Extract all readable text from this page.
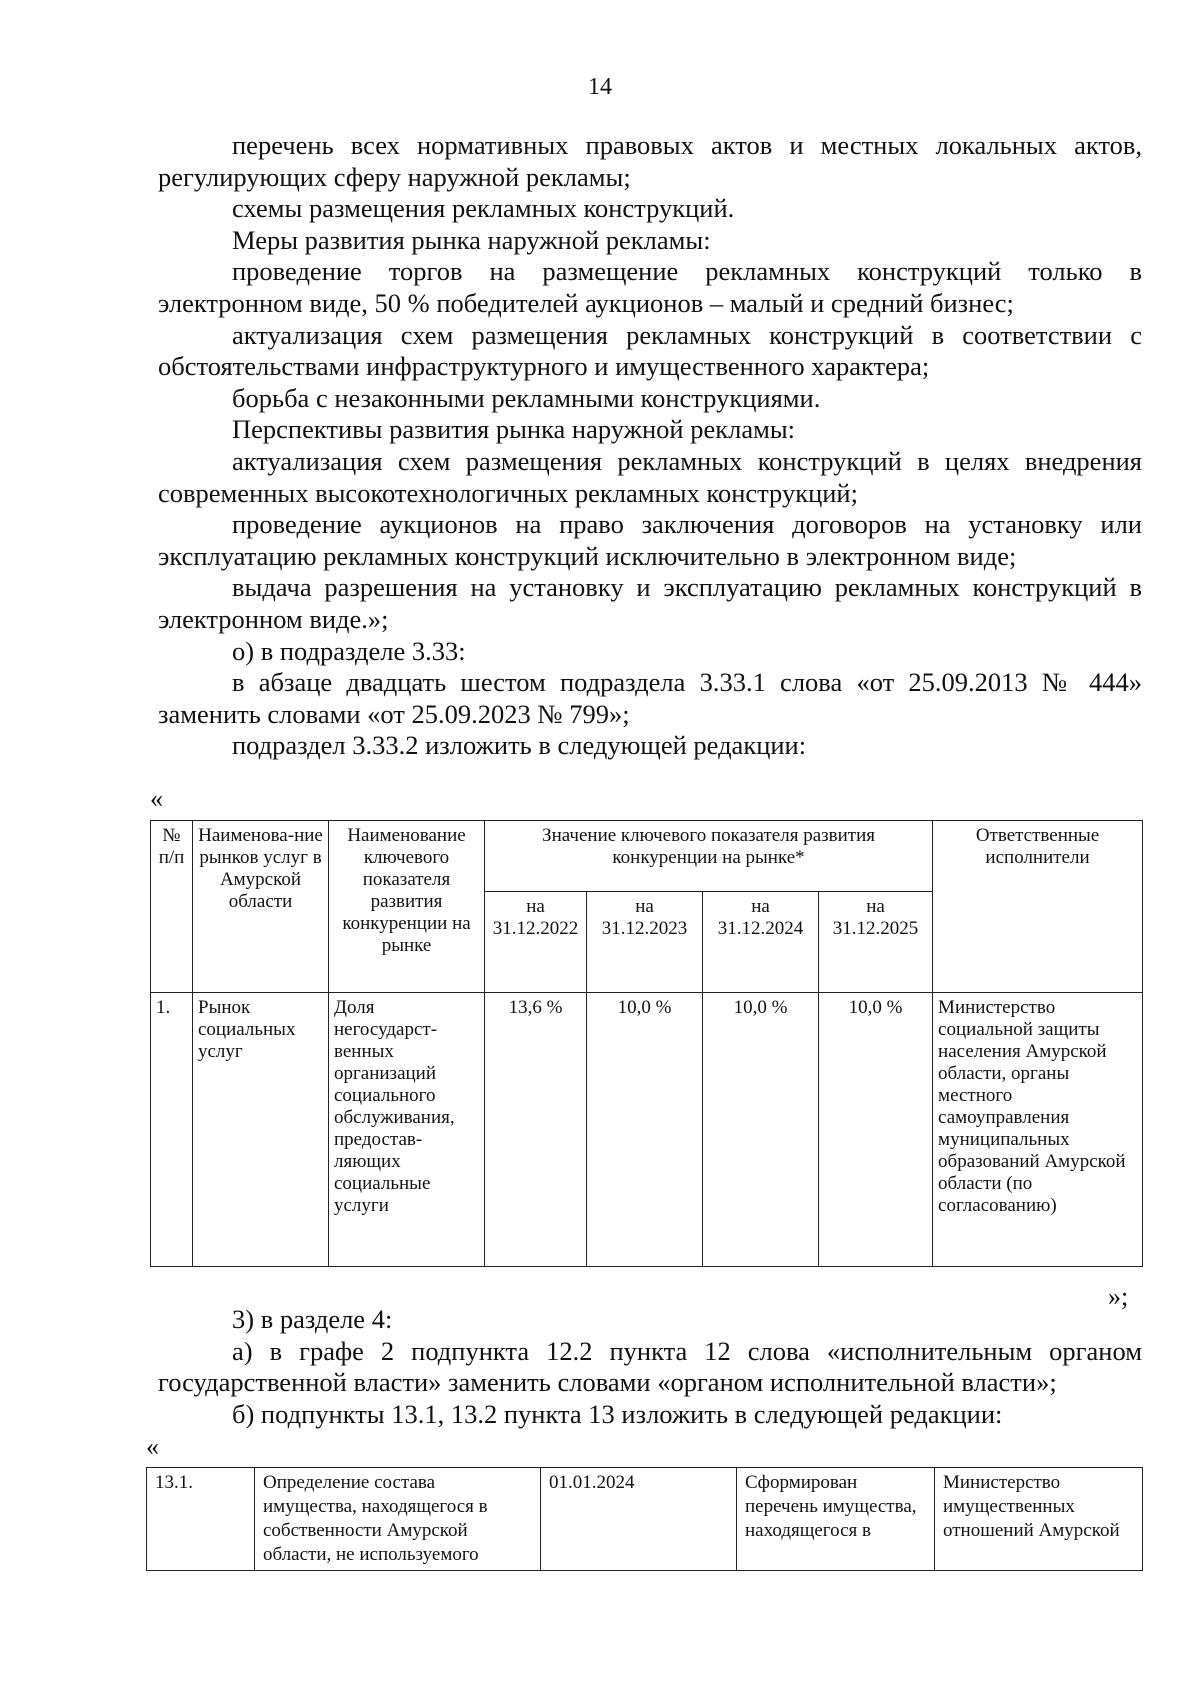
14

перечень всех нормативных правовых актов и местных локальных актов, регулирующих сферу наружной рекламы;

схемы размещения рекламных конструкций.

Меры развития рынка наружной рекламы:

проведение торгов на размещение рекламных конструкций только в электронном виде, 50 % победителей аукционов – малый и средний бизнес;

актуализация схем размещения рекламных конструкций в соответствии с обстоятельствами инфраструктурного и имущественного характера;

борьба с незаконными рекламными конструкциями.

Перспективы развития рынка наружной рекламы:

актуализация схем размещения рекламных конструкций в целях внедрения современных высокотехнологичных рекламных конструкций;

проведение аукционов на право заключения договоров на установку или эксплуатацию рекламных конструкций исключительно в электронном виде;

выдача разрешения на установку и эксплуатацию рекламных конструкций в электронном виде.»;

о) в подразделе 3.33:

в абзаце двадцать шестом подраздела 3.33.1 слова «от 25.09.2013 № 444» заменить словами «от 25.09.2023 № 799»;

подраздел 3.33.2 изложить в следующей редакции:

«
№ п/п	Наименова-ние рынков услуг в Амурской области	Наименование ключевого показателя развития конкуренции на рынке	Значение ключевого показателя развития конкуренции на рынке*				Ответственные исполнители
			на 31.12.2022	на 31.12.2023	на 31.12.2024	на 31.12.2025	
1.	Рынок социальных услуг	Доля негосударст-венных организаций социального обслуживания, предостав-ляющих социальные услуги	13,6 %	10,0 %	10,0 %	10,0 %	Министерство социальной защиты населения Амурской области, органы местного самоуправления муниципальных образований Амурской области (по согласованию)
»;

3) в разделе 4:

а) в графе 2 подпункта 12.2 пункта 12 слова «исполнительным органом государственной власти» заменить словами «органом исполнительной власти»;

б) подпункты 13.1, 13.2 пункта 13 изложить в следующей редакции:

«
13.1.	Определение состава имущества, находящегося в собственности Амурской области, не используемого	01.01.2024	Сформирован перечень имущества, находящегося в	Министерство имущественных отношений Амурской
